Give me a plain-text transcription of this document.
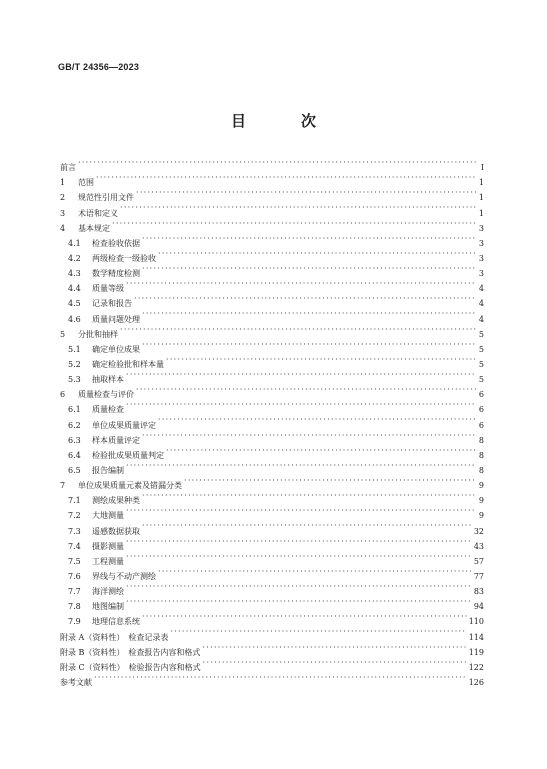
GB/T 24356—2023
目　次
前言 ·····	Ⅰ
1	范围 ·····	1
2	规范性引用文件 ·····	1
3	术语和定义 ·····	1
4	基本规定 ·····	3
4.1	检查验收依据 ·····	3
4.2	两级检查一级验收 ·····	3
4.3	数学精度检测 ·····	3
4.4	质量等级 ·····	4
4.5	记录和报告 ·····	4
4.6	质量问题处理 ·····	4
5	分批和抽样 ·····	5
5.1	确定单位成果 ·····	5
5.2	确定检验批和样本量 ·····	5
5.3	抽取样本 ·····	5
6	质量检查与评价 ·····	6
6.1	质量检查 ·····	6
6.2	单位成果质量评定 ·····	6
6.3	样本质量评定 ·····	8
6.4	检验批成果质量判定 ·····	8
6.5	报告编制 ·····	8
7	单位成果质量元素及错漏分类 ·····	9
7.1	测绘成果种类 ·····	9
7.2	大地测量 ·····	9
7.3	遥感数据获取 ·····	32
7.4	摄影测量 ·····	43
7.5	工程测量 ·····	57
7.6	界线与不动产测绘 ·····	77
7.7	海洋测绘 ·····	83
7.8	地图编制 ·····	94
7.9	地理信息系统 ·····	110
附录 A（资料性）　检查记录表 ·····	114
附录 B（资料性）　检查报告内容和格式 ·····	119
附录 C（资料性）　检验报告内容和格式 ·····	122
参考文献 ·····	126
